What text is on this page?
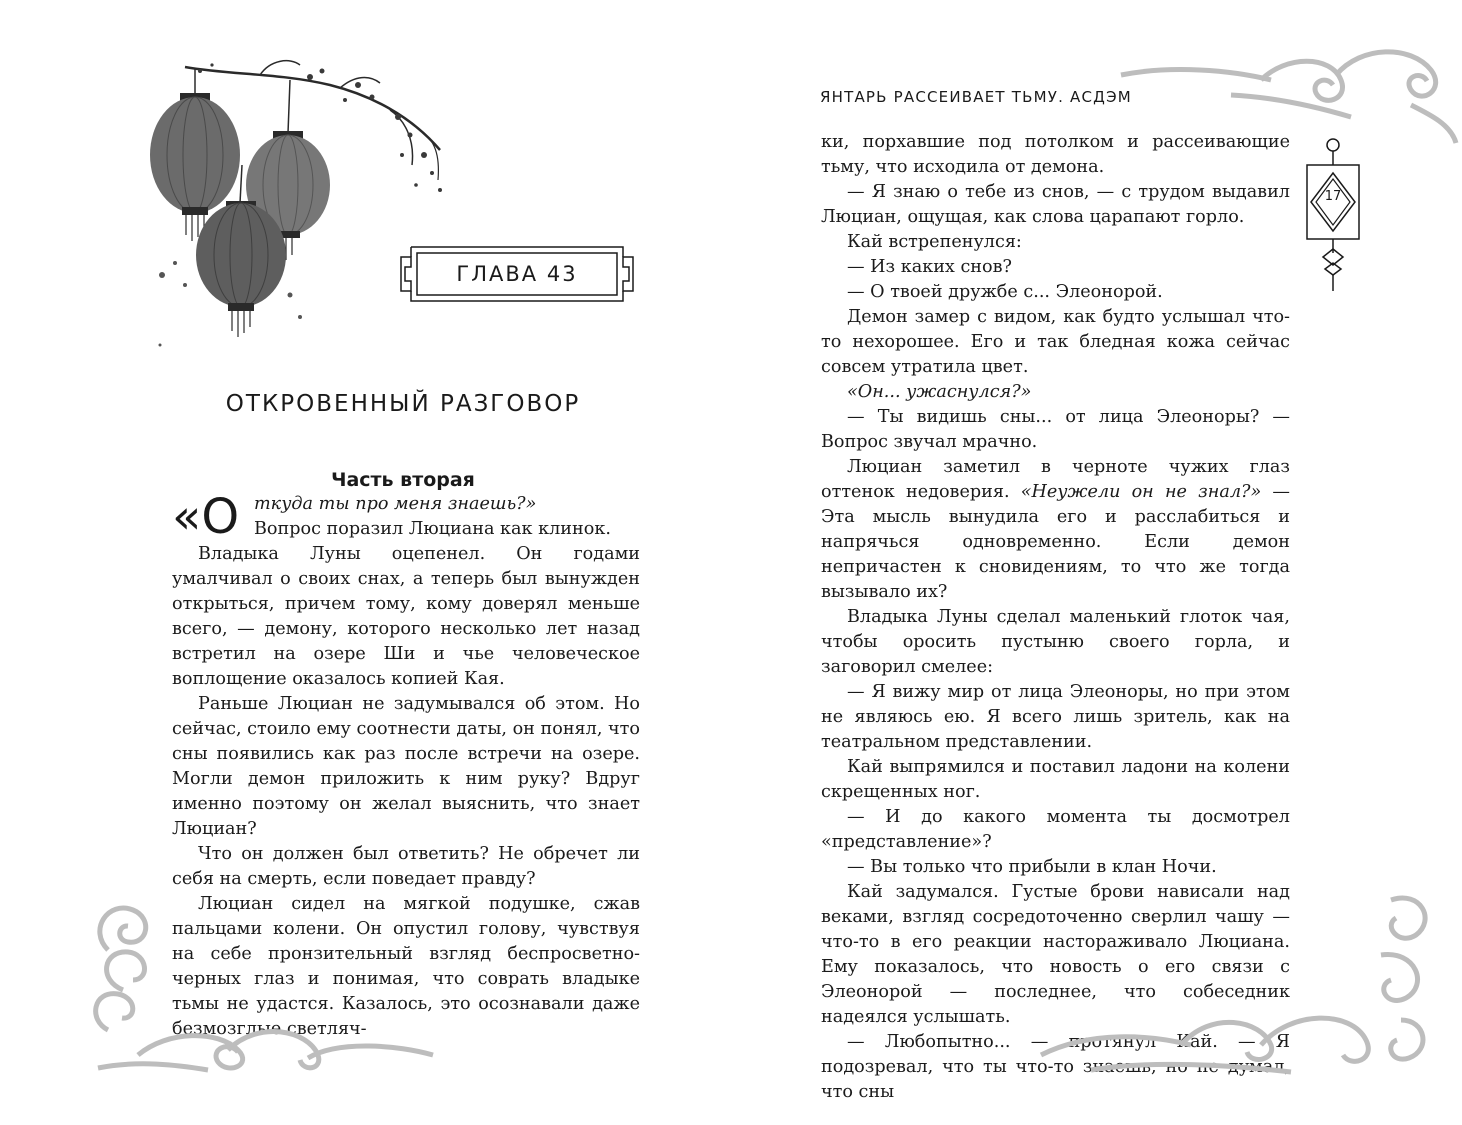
ГЛАВА 43
ОТКРОВЕННЫЙ РАЗГОВОР
Часть вторая
«О ткуда ты про меня знаешь?»
Вопрос поразил Люциана как клинок.

Владыка Луны оцепенел. Он годами умалчивал о своих снах, а теперь был вынужден открыться, причем тому, кому доверял меньше всего, — демону, которого несколько лет назад встретил на озере Ши и чье человеческое воплощение оказалось копией Кая.

Раньше Люциан не задумывался об этом. Но сейчас, стоило ему соотнести даты, он понял, что сны появились как раз после встречи на озере. Могли демон приложить к ним руку? Вдруг именно поэтому он желал выяснить, что знает Люциан?

Что он должен был ответить? Не обречет ли себя на смерть, если поведает правду?

Люциан сидел на мягкой подушке, сжав пальцами колени. Он опустил голову, чувствуя на себе пронзительный взгляд беспросветно-черных глаз и понимая, что соврать владыке тьмы не удастся. Казалось, это осознавали даже безмозглые светляч-

ЯНТАРЬ РАССЕИВАЕТ ТЬМУ. АСДЭМ
17

ки, порхавшие под потолком и рассеивающие тьму, что исходила от демона.

— Я знаю о тебе из снов, — с трудом выдавил Люциан, ощущая, как слова царапают горло.

Кай встрепенулся:

— Из каких снов?

— О твоей дружбе с... Элеонорой.

Демон замер с видом, как будто услышал что-то нехорошее. Его и так бледная кожа сейчас совсем утратила цвет.

«Он... ужаснулся?»

— Ты видишь сны... от лица Элеоноры? — Вопрос звучал мрачно.

Люциан заметил в черноте чужих глаз оттенок недоверия. «Неужели он не знал?» — Эта мысль вынудила его и расслабиться и напрячься одновременно. Если демон непричастен к сновидениям, то что же тогда вызывало их?

Владыка Луны сделал маленький глоток чая, чтобы оросить пустыню своего горла, и заговорил смелее:

— Я вижу мир от лица Элеоноры, но при этом не являюсь ею. Я всего лишь зритель, как на театральном представлении.

Кай выпрямился и поставил ладони на колени скрещенных ног.

— И до какого момента ты досмотрел «представление»?

— Вы только что прибыли в клан Ночи.

Кай задумался. Густые брови нависали над веками, взгляд сосредоточенно сверлил чашу — что-то в его реакции настораживало Люциана. Ему показалось, что новость о его связи с Элеонорой — последнее, что собеседник надеялся услышать.

— Любопытно... — протянул Кай. — Я подозревал, что ты что-то знаешь, но не думал, что сны
